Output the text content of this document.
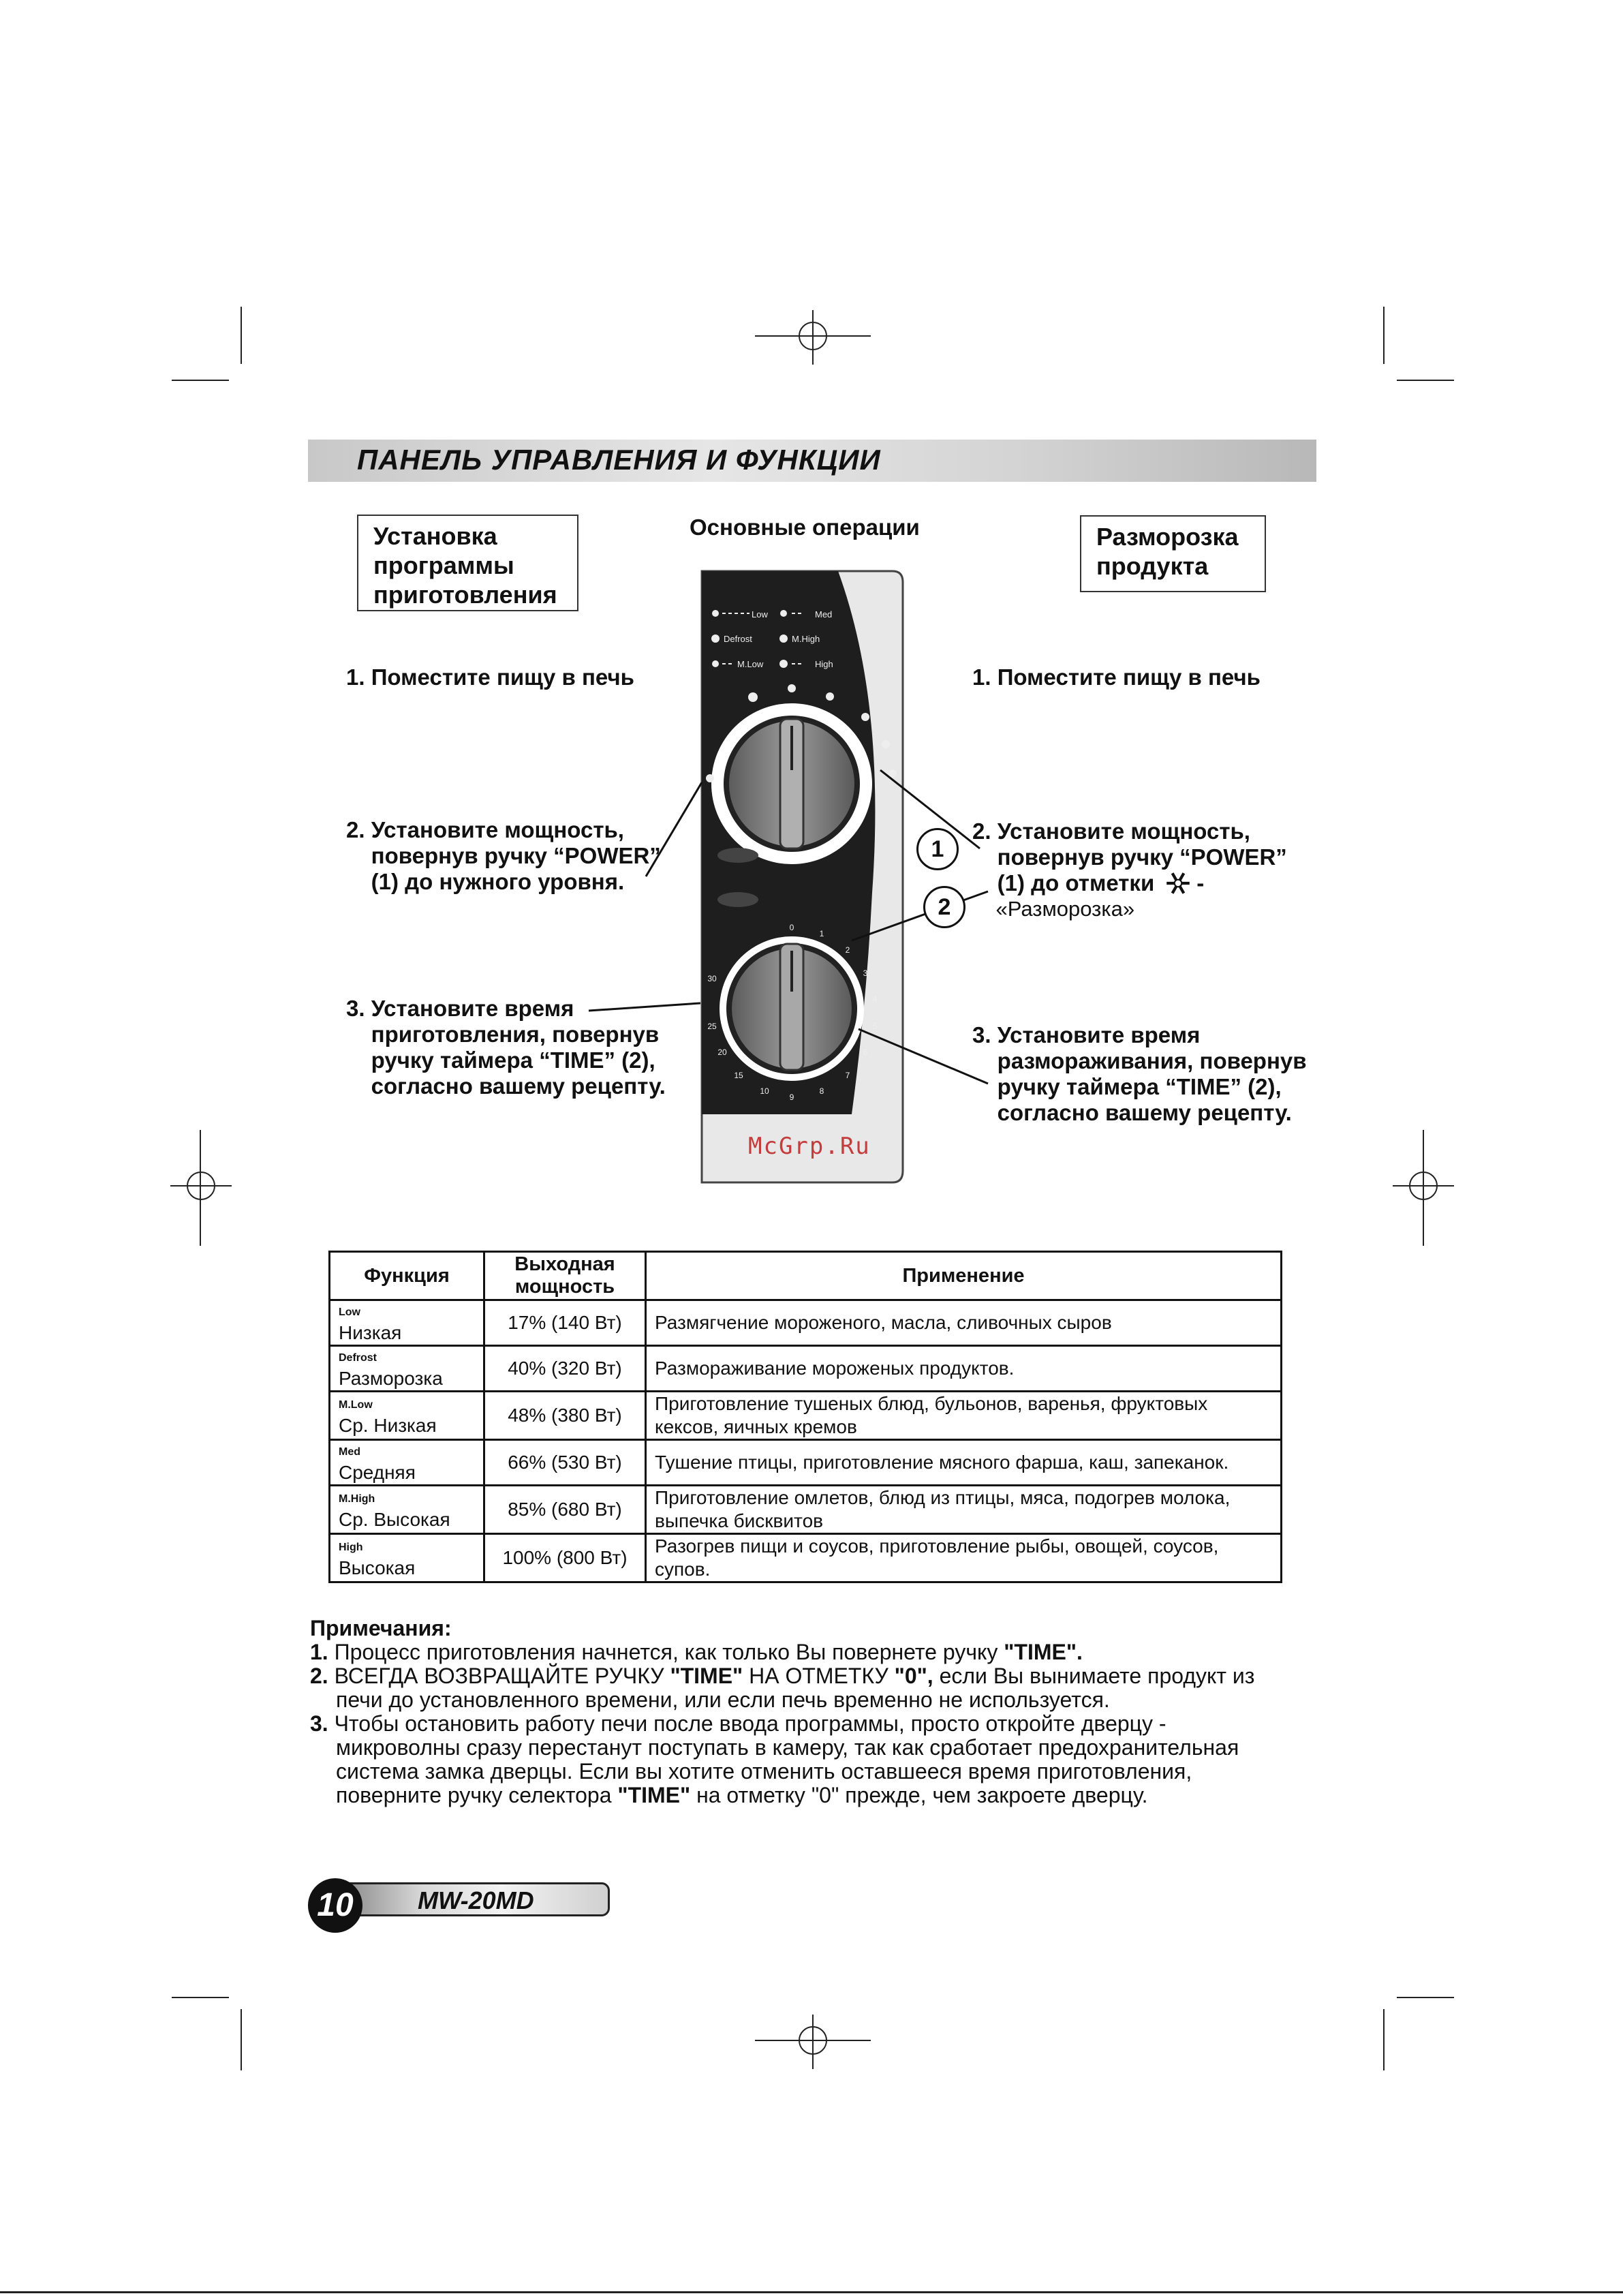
ПАНЕЛЬ УПРАВЛЕНИЯ И ФУНКЦИИ
Установка
программы
приготовления
Основные операции	Разморозка
продукта
1. Поместите пищу в печь
2. Установите мощность,
повернув ручку “POWER”
(1) до нужного уровня.
3. Установите время
приготовления, повернув
ручку таймера “TIME” (2),
согласно вашему рецепту.
1. Поместите пищу в печь
2. Установите мощность,
повернув ручку “POWER”
(1) до отметки -
«Разморозка»
3. Установите время
размораживания, повернув
ручку таймера “TIME” (2),
согласно вашему рецепту.
Low
Defrost
M.Low
Med
M.High
High
0
1
2
3
4
5
6
7
8
9
10
15
20
25
30
McGrp.Ru
1
2
Функция	Выходная мощность	Применение

Low
Низкая	17% (140 Вт)	Размягчение мороженого, масла, сливочных сыров

Defrost
Разморозка	40% (320 Вт)	Размораживание мороженых продуктов.

M.Low
Ср. Низкая	48% (380 Вт)	Приготовление тушеных блюд, бульонов, варенья, фруктовых кексов, яичных кремов

Med
Средняя	66% (530 Вт)	Тушение птицы, приготовление мясного фарша, каш, запеканок.

M.High
Ср. Высокая	85% (680 Вт)	Приготовление омлетов, блюд из птицы, мяса, подогрев молока, выпечка бисквитов

High
Высокая	100% (800 Вт)	Разогрев пищи и соусов, приготовление рыбы, овощей, соусов, супов.
Примечания:
1. Процесс приготовления начнется, как только Вы повернете ручку "TIME".
2. ВСЕГДА ВОЗВРАЩАЙТЕ РУЧКУ "TIME" НА ОТМЕТКУ "0", если Вы вынимаете продукт из
печи до установленного времени, или если печь временно не используется.
3. Чтобы остановить работу печи после ввода программы, просто откройте дверцу -
микроволны сразу перестанут поступать в камеру, так как сработает предохранительная
система замка дверцы. Если вы хотите отменить оставшееся время приготовления,
поверните ручку селектора "TIME" на отметку "0" прежде, чем закроете дверцу.
MW-20MD
10
